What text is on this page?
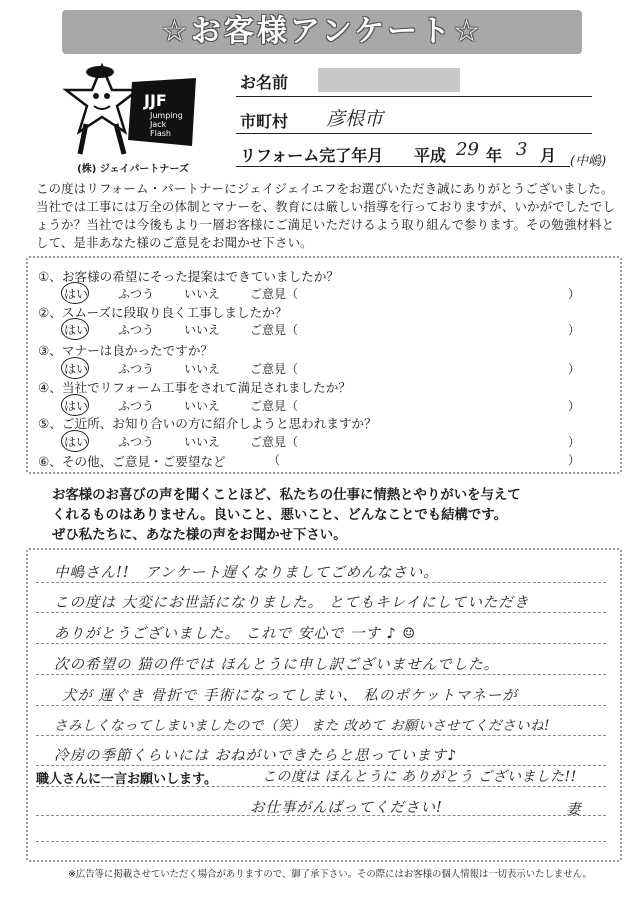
☆お客様アンケート☆
JJF
Jumping
Jack
Flash
(株) ジェイパートナーズ
お名前
市町村 彦根市
リフォーム完了年月 平成 29 年 3 月 (中嶋)
この度はリフォーム・パートナーにジェイジェイエフをお選びいただき誠にありがとうございました。当社では工事には万全の体制とマナーを、教育には厳しい指導を行っておりますが、いかがでしたでしょうか？当社では今後もより一層お客様にご満足いただけるよう取り組んで参ります。その勉強材料として、是非あなた様のご意見をお聞かせ下さい。
①、お客様の希望にそった提案はできていましたか？
はい ふつう いいえ ご意見（	）
②、スムーズに段取り良く工事しましたか？
はい ふつう いいえ ご意見（	）
③、マナーは良かったですか？
はい ふつう いいえ ご意見（	）
④、当社でリフォーム工事をされて満足されましたか？
はい ふつう いいえ ご意見（	）
⑤、ご近所、お知り合いの方に紹介しようと思われますか？
はい ふつう いいえ ご意見（	）
⑥、その他、ご意見・ご要望など	（	）
お客様のお喜びの声を聞くことほど、私たちの仕事に情熱とやりがいを与えて
くれるものはありません。良いこと、悪いこと、どんなことでも結構です。
ぜひ私たちに、あなた様の声をお聞かせ下さい。
中嶋さん!!　アンケート遅くなりましてごめんなさい。
この度は 大変にお世話になりました。 とてもキレイにしていただき
ありがとうございました。 これで 安心で 一す ♪ ☺
次の希望の 猫の件では ほんとうに申し訳ございませんでした。
犬が 運ぐき 骨折で 手術になってしまい、 私のポケットマネーが
さみしくなってしまいましたので（笑） また 改めて お願いさせてくださいね!
冷房の季節くらいには おねがいできたらと思っています♪
職人さんに一言お願いします。	この度は ほんとうに ありがとう ございました!!
お仕事がんばってください!	妻
※広告等に掲載させていただく場合がありますので、御了承下さい。その際にはお客様の個人情報は一切表示いたしません。
